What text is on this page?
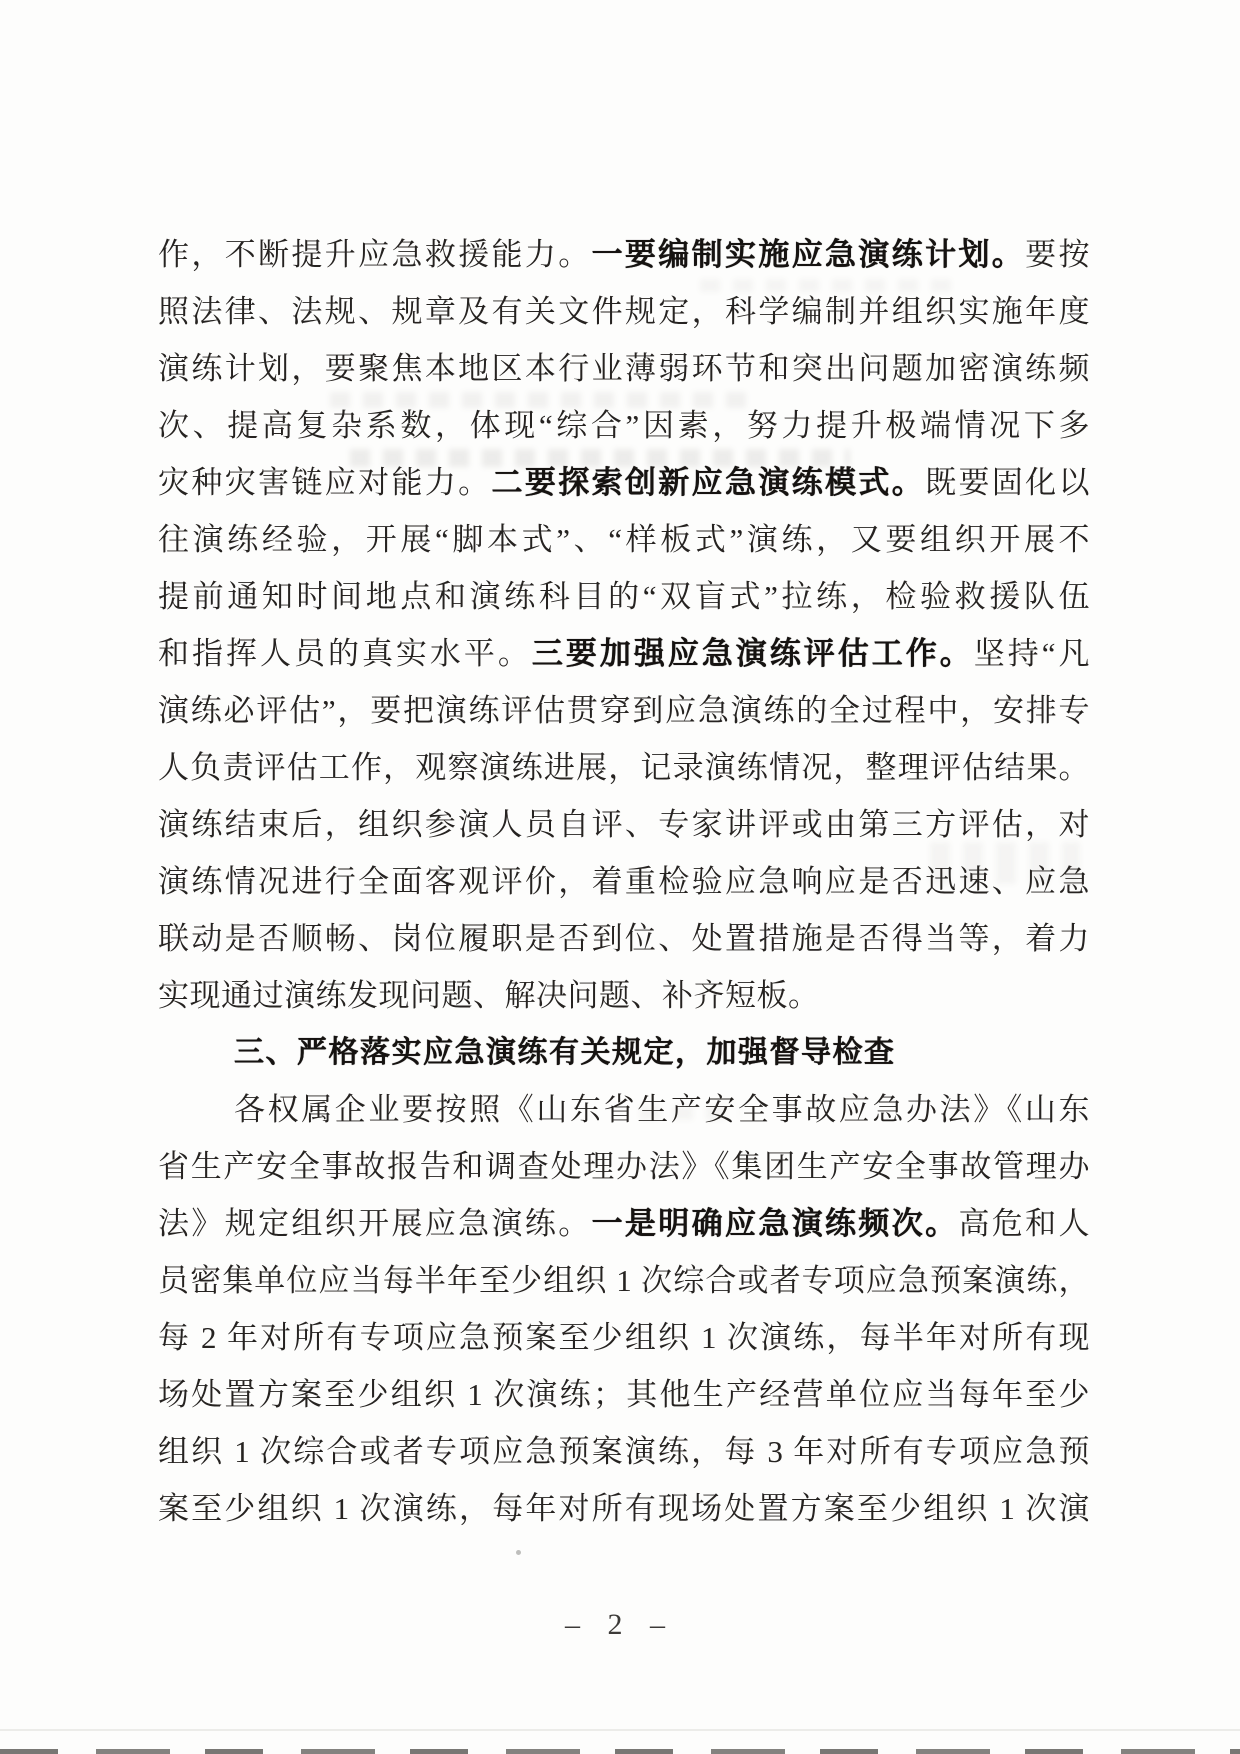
作，不断提升应急救援能力。一要编制实施应急演练计划。要按
照法律、法规、规章及有关文件规定，科学编制并组织实施年度
演练计划，要聚焦本地区本行业薄弱环节和突出问题加密演练频
次、提高复杂系数，体现“综合”因素，努力提升极端情况下多
灾种灾害链应对能力。二要探索创新应急演练模式。既要固化以
往演练经验，开展“脚本式”、“样板式”演练，又要组织开展不
提前通知时间地点和演练科目的“双盲式”拉练，检验救援队伍
和指挥人员的真实水平。三要加强应急演练评估工作。坚持“凡
演练必评估”，要把演练评估贯穿到应急演练的全过程中，安排专
人负责评估工作，观察演练进展，记录演练情况，整理评估结果。
演练结束后，组织参演人员自评、专家讲评或由第三方评估，对
演练情况进行全面客观评价，着重检验应急响应是否迅速、应急
联动是否顺畅、岗位履职是否到位、处置措施是否得当等，着力
实现通过演练发现问题、解决问题、补齐短板。
三、严格落实应急演练有关规定，加强督导检查
各权属企业要按照《山东省生产安全事故应急办法》《山东
省生产安全事故报告和调查处理办法》《集团生产安全事故管理办
法》规定组织开展应急演练。一是明确应急演练频次。高危和人
员密集单位应当每半年至少组织 1 次综合或者专项应急预案演练，
每 2 年对所有专项应急预案至少组织 1 次演练，每半年对所有现
场处置方案至少组织 1 次演练；其他生产经营单位应当每年至少
组织 1 次综合或者专项应急预案演练，每 3 年对所有专项应急预
案至少组织 1 次演练，每年对所有现场处置方案至少组织 1 次演
– 2 –
